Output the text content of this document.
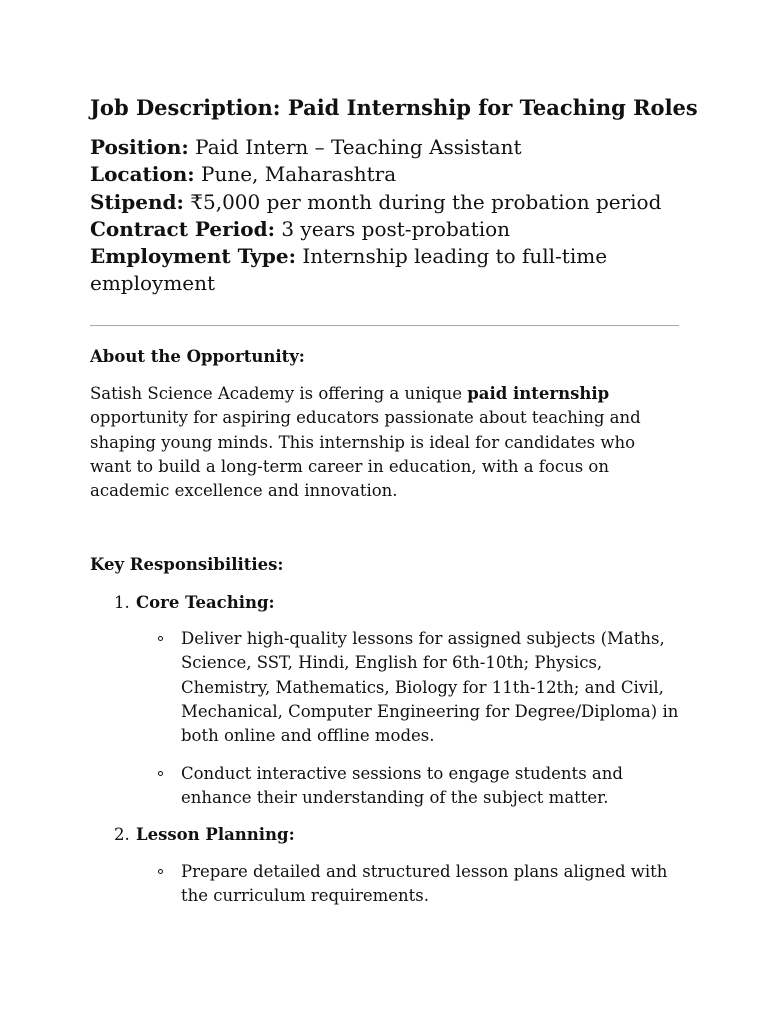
Job Description: Paid Internship for Teaching Roles

Position: Paid Intern – Teaching Assistant

Location: Pune, Maharashtra

Stipend: ₹5,000 per month during the probation period

Contract Period: 3 years post-probation

Employment Type: Internship leading to full-time employment

About the Opportunity:

Satish Science Academy is offering a unique paid internship opportunity for aspiring educators passionate about teaching and shaping young minds. This internship is ideal for candidates who want to build a long-term career in education, with a focus on academic excellence and innovation.

Key Responsibilities:
1. Core Teaching:
Deliver high-quality lessons for assigned subjects (Maths, Science, SST, Hindi, English for 6th-10th; Physics, Chemistry, Mathematics, Biology for 11th-12th; and Civil, Mechanical, Computer Engineering for Degree/Diploma) in both online and offline modes.
Conduct interactive sessions to engage students and enhance their understanding of the subject matter.
2. Lesson Planning:
Prepare detailed and structured lesson plans aligned with the curriculum requirements.
